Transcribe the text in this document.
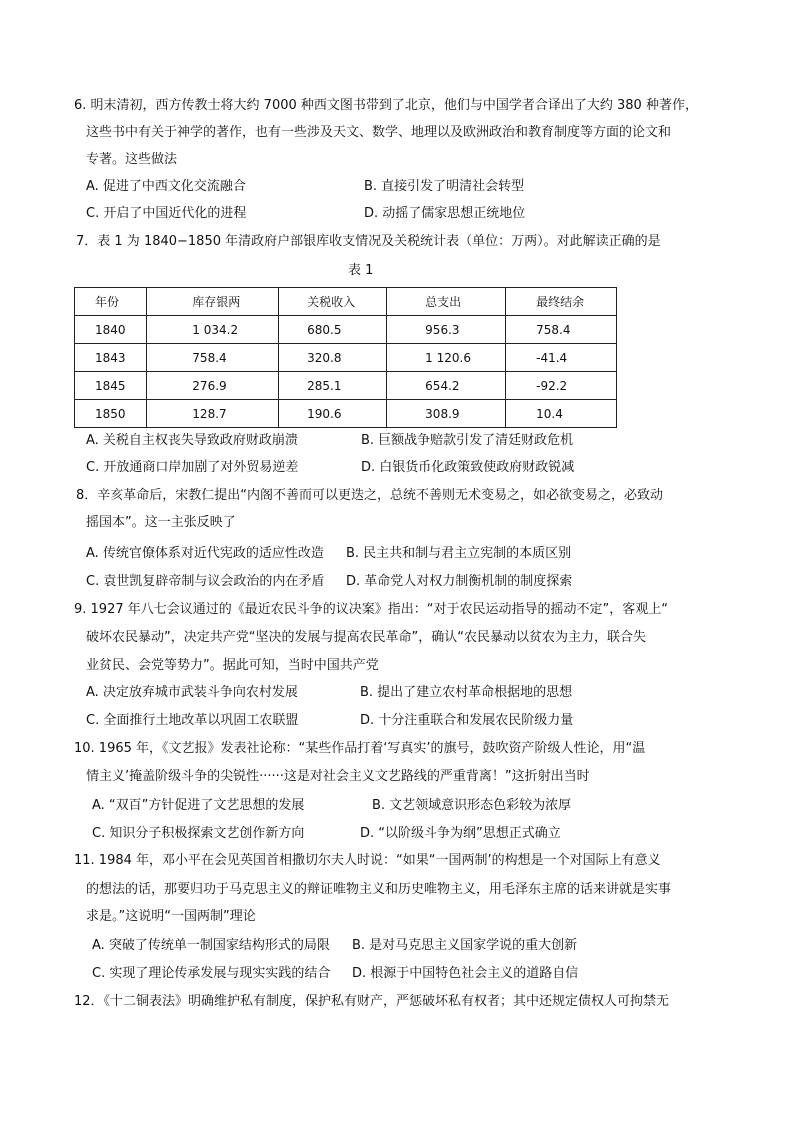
6. 明末清初，西方传教士将大约 7000 种西文图书带到了北京，他们与中国学者合译出了大约 380 种著作，
这些书中有关于神学的著作，也有一些涉及天文、数学、地理以及欧洲政治和教育制度等方面的论文和
专著。这些做法
A. 促进了中西文化交流融合	B. 直接引发了明清社会转型
C. 开启了中国近代化的进程	D. 动摇了儒家思想正统地位
7．表 1 为 1840−1850 年清政府户部银库收支情况及关税统计表（单位：万两）。对此解读正确的是
表 1
年份	库存银两	关税收入	总支出	最终结余
1840	1 034.2	680.5	956.3	758.4
1843	758.4	320.8	1 120.6	-41.4
1845	276.9	285.1	654.2	-92.2
1850	128.7	190.6	308.9	10.4
A. 关税自主权丧失导致政府财政崩溃	B. 巨额战争赔款引发了清廷财政危机
C. 开放通商口岸加剧了对外贸易逆差	D. 白银货币化政策致使政府财政锐减
8．辛亥革命后，宋教仁提出“内阁不善而可以更迭之，总统不善则无术变易之，如必欲变易之，必致动
摇国本”。这一主张反映了
A. 传统官僚体系对近代宪政的适应性改造 B. 民主共和制与君主立宪制的本质区别
C. 袁世凯复辟帝制与议会政治的内在矛盾 D. 革命党人对权力制衡机制的制度探索
9. 1927 年八七会议通过的《最近农民斗争的议决案》指出：“对于农民运动指导的摇动不定”，客观上“
破坏农民暴动”，决定共产党“坚决的发展与提高农民革命”，确认“农民暴动以贫农为主力，联合失
业贫民、会党等势力”。据此可知，当时中国共产党
A. 决定放弃城市武装斗争向农村发展	B. 提出了建立农村革命根据地的思想
C. 全面推行土地改革以巩固工农联盟	D. 十分注重联合和发展农民阶级力量
10. 1965 年，《文艺报》发表社论称：“某些作品打着‘写真实’的旗号，鼓吹资产阶级人性论，用“温
情主义’掩盖阶级斗争的尖锐性······这是对社会主义文艺路线的严重背离！”这折射出当时
A. “双百”方针促进了文艺思想的发展	B. 文艺领域意识形态色彩较为浓厚
C. 知识分子积极探索文艺创作新方向	D. “以阶级斗争为纲”思想正式确立
11. 1984 年，邓小平在会见英国首相撒切尔夫人时说：“如果“一国两制’的构想是一个对国际上有意义
的想法的话，那要归功于马克思主义的辩证唯物主义和历史唯物主义，用毛泽东主席的话来讲就是实事
求是。”这说明“一国两制”理论
A. 突破了传统单一制国家结构形式的局限 B. 是对马克思主义国家学说的重大创新
C. 实现了理论传承发展与现实实践的结合 D. 根源于中国特色社会主义的道路自信
12．《十二铜表法》明确维护私有制度，保护私有财产，严惩破坏私有权者；其中还规定债权人可拘禁无
